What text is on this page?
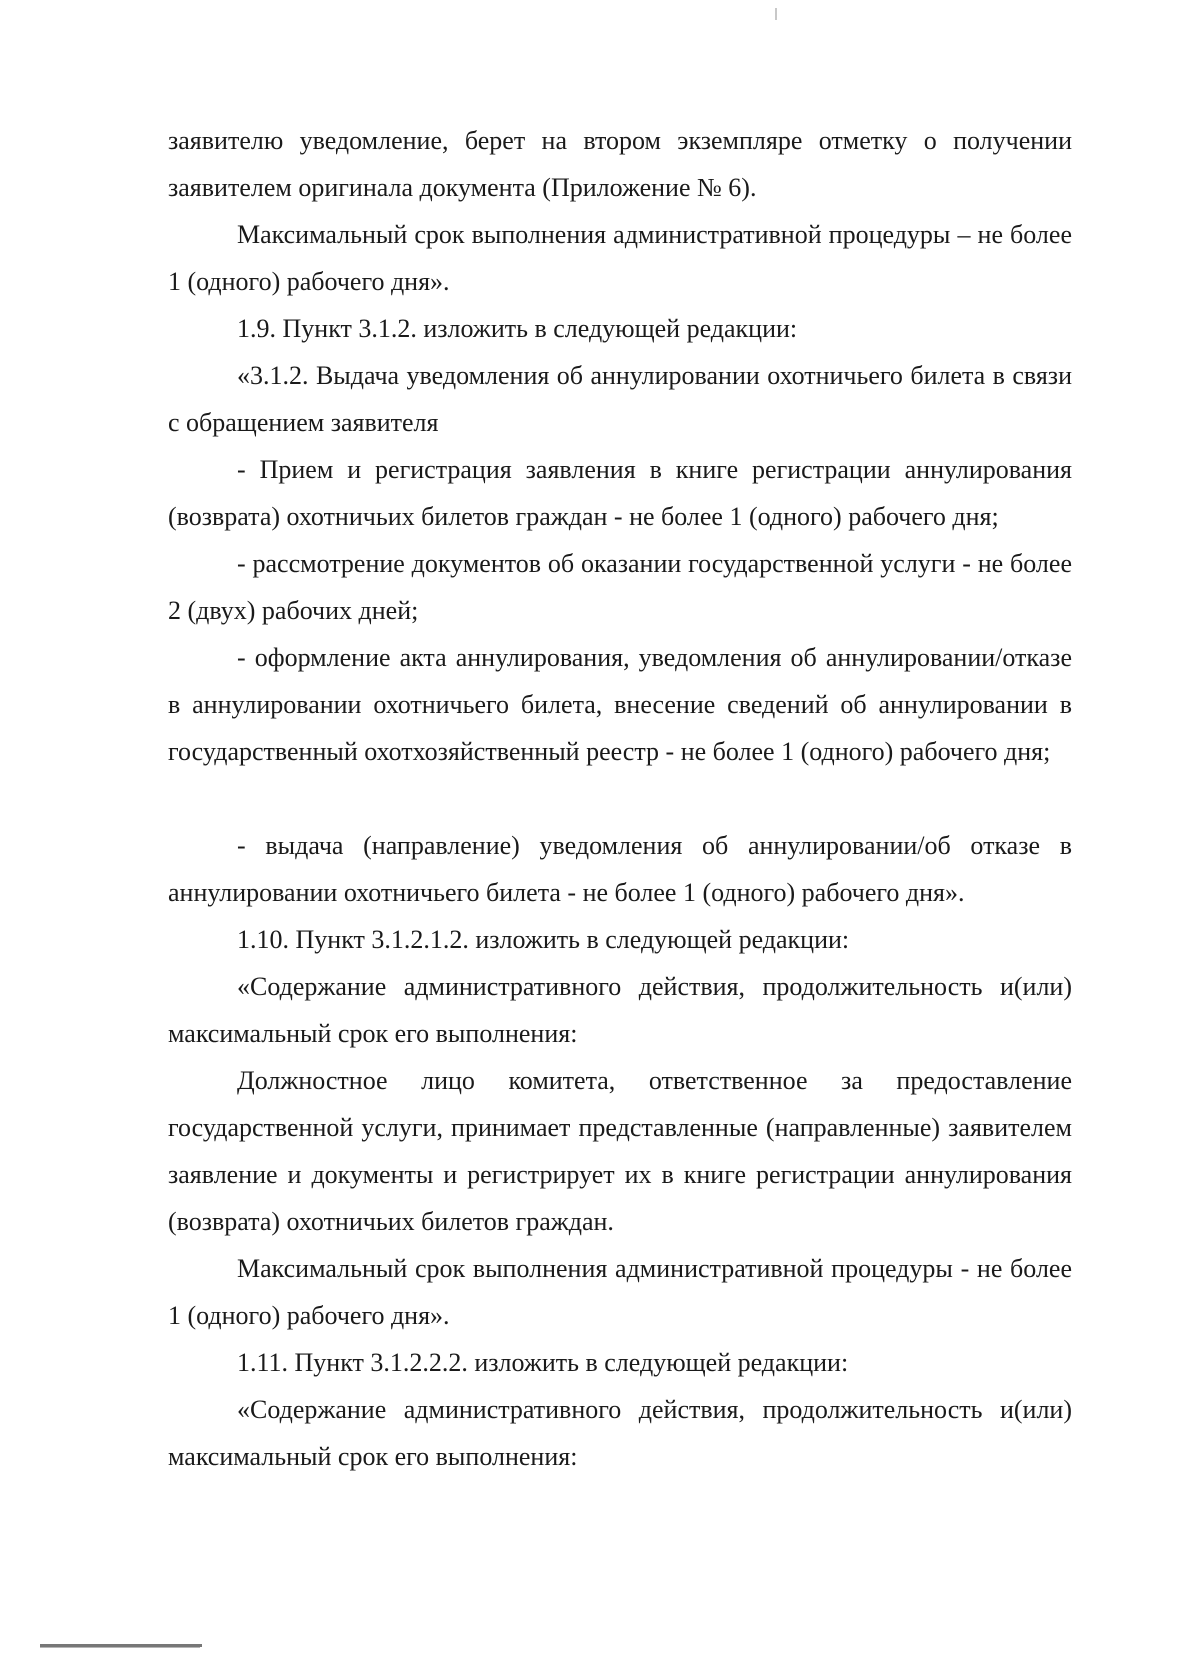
заявителю уведомление, берет на втором экземпляре отметку о получении заявителем оригинала документа (Приложение № 6).

Максимальный срок выполнения административной процедуры – не более 1 (одного) рабочего дня».

1.9. Пункт 3.1.2. изложить в следующей редакции:

«3.1.2. Выдача уведомления об аннулировании охотничьего билета в связи с обращением заявителя

- Прием и регистрация заявления в книге регистрации аннулирования (возврата) охотничьих билетов граждан - не более 1 (одного) рабочего дня;

- рассмотрение документов об оказании государственной услуги - не более 2 (двух) рабочих дней;

- оформление акта аннулирования, уведомления об аннулировании/отказе в аннулировании охотничьего билета, внесение сведений об аннулировании в государственный охотхозяйственный реестр - не более 1 (одного) рабочего дня;

- выдача (направление) уведомления об аннулировании/об отказе в аннулировании охотничьего билета - не более 1 (одного) рабочего дня».

1.10. Пункт 3.1.2.1.2. изложить в следующей редакции:

«Содержание административного действия, продолжительность и(или) максимальный срок его выполнения:

Должностное лицо комитета, ответственное за предоставление государственной услуги, принимает представленные (направленные) заявителем заявление и документы и регистрирует их в книге регистрации аннулирования (возврата) охотничьих билетов граждан.

Максимальный срок выполнения административной процедуры - не более 1 (одного) рабочего дня».

1.11. Пункт 3.1.2.2.2. изложить в следующей редакции:

«Содержание административного действия, продолжительность и(или) максимальный срок его выполнения:
